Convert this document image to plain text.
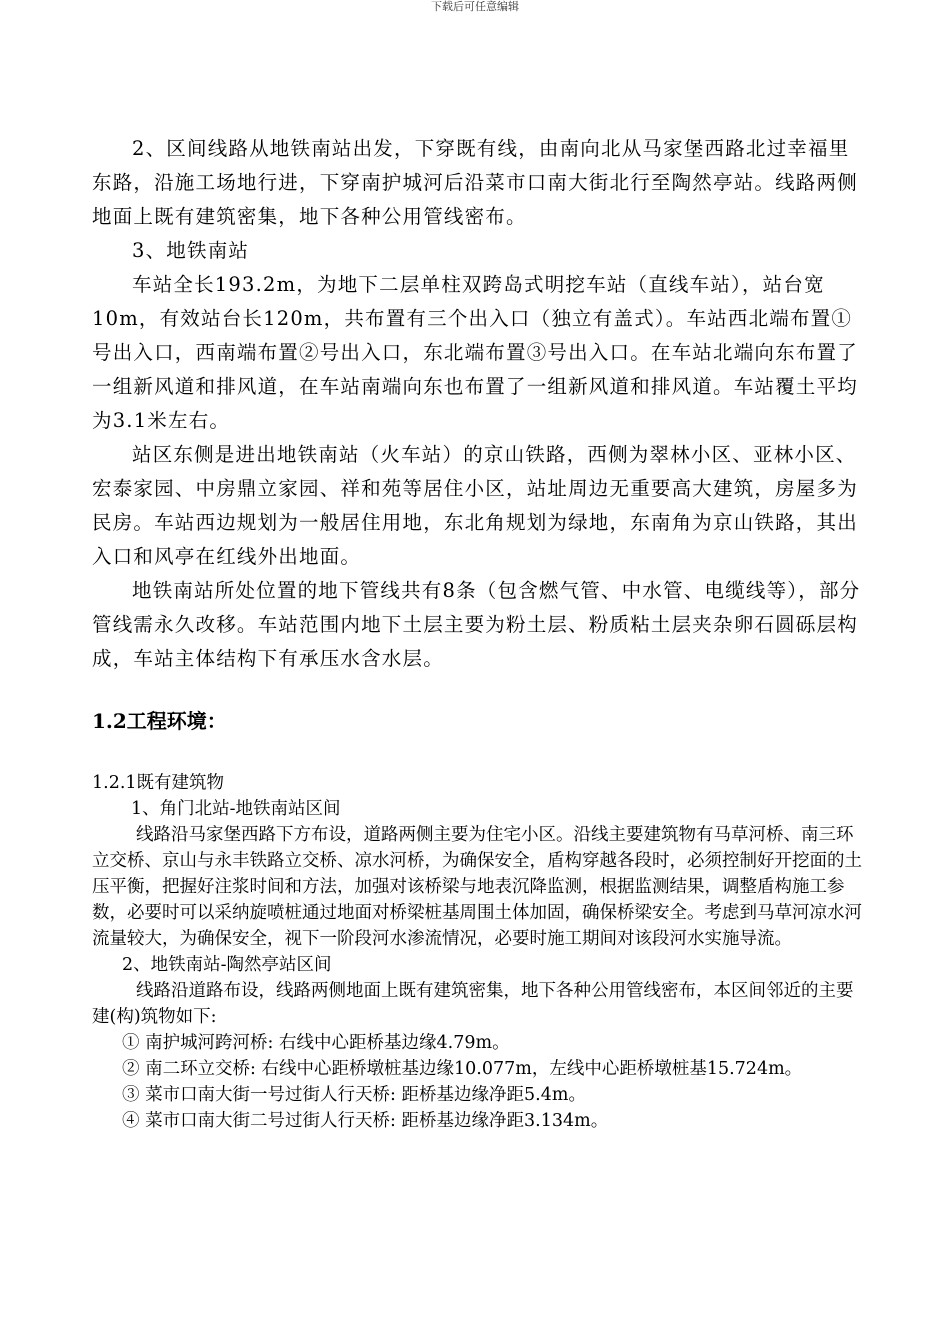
下载后可任意编辑

2、区间线路从地铁南站出发，下穿既有线，由南向北从马家堡西路北过幸福里东路，沿施工场地行进，下穿南护城河后沿菜市口南大街北行至陶然亭站。线路两侧地面上既有建筑密集，地下各种公用管线密布。

3、地铁南站

车站全长193.2m，为地下二层单柱双跨岛式明挖车站（直线车站），站台宽10m，有效站台长120m，共布置有三个出入口（独立有盖式）。车站西北端布置①号出入口，西南端布置②号出入口，东北端布置③号出入口。在车站北端向东布置了一组新风道和排风道，在车站南端向东也布置了一组新风道和排风道。车站覆土平均为3.1米左右。

站区东侧是进出地铁南站（火车站）的京山铁路，西侧为翠林小区、亚林小区、宏泰家园、中房鼎立家园、祥和苑等居住小区，站址周边无重要高大建筑，房屋多为民房。车站西边规划为一般居住用地，东北角规划为绿地，东南角为京山铁路，其出入口和风亭在红线外出地面。

地铁南站所处位置的地下管线共有8条（包含燃气管、中水管、电缆线等），部分管线需永久改移。车站范围内地下土层主要为粉土层、粉质粘土层夹杂卵石圆砾层构成，车站主体结构下有承压水含水层。

1.2工程环境：

1.2.1既有建筑物

1、角门北站-地铁南站区间

线路沿马家堡西路下方布设，道路两侧主要为住宅小区。沿线主要建筑物有马草河桥、南三环立交桥、京山与永丰铁路立交桥、凉水河桥，为确保安全，盾构穿越各段时，必须控制好开挖面的土压平衡，把握好注浆时间和方法，加强对该桥梁与地表沉降监测，根据监测结果，调整盾构施工参数，必要时可以采纳旋喷桩通过地面对桥梁桩基周围土体加固，确保桥梁安全。考虑到马草河凉水河流量较大，为确保安全，视下一阶段河水渗流情况，必要时施工期间对该段河水实施导流。

2、地铁南站-陶然亭站区间

线路沿道路布设，线路两侧地面上既有建筑密集，地下各种公用管线密布，本区间邻近的主要建(构)筑物如下:

① 南护城河跨河桥: 右线中心距桥基边缘4.79m。

② 南二环立交桥: 右线中心距桥墩桩基边缘10.077m，左线中心距桥墩桩基15.724m。

③ 菜市口南大街一号过街人行天桥: 距桥基边缘净距5.4m。

④ 菜市口南大街二号过街人行天桥: 距桥基边缘净距3.134m。
